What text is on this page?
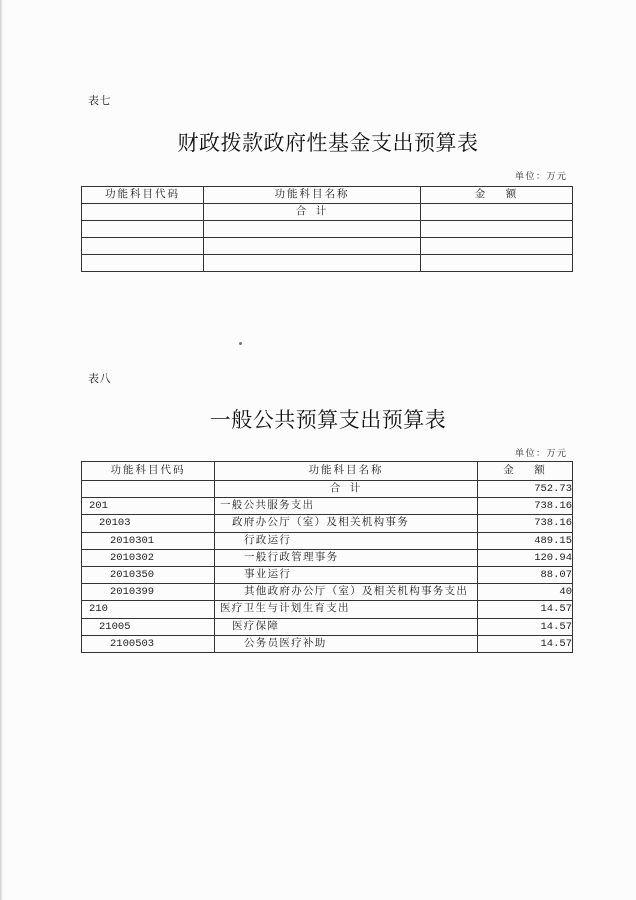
表七
财政拨款政府性基金支出预算表
单位：万元
功能科目代码	功能科目名称	金 额
	合 计	

表八
一般公共预算支出预算表
单位：万元
功能科目代码	功能科目名称	金 额
	合 计	752.73
201	一般公共服务支出	738.16
20103	政府办公厅（室）及相关机构事务	738.16
2010301	行政运行	489.15
2010302	一般行政管理事务	120.94
2010350	事业运行	88.07
2010399	其他政府办公厅（室）及相关机构事务支出	40
210	医疗卫生与计划生育支出	14.57
21005	医疗保障	14.57
2100503	公务员医疗补助	14.57
